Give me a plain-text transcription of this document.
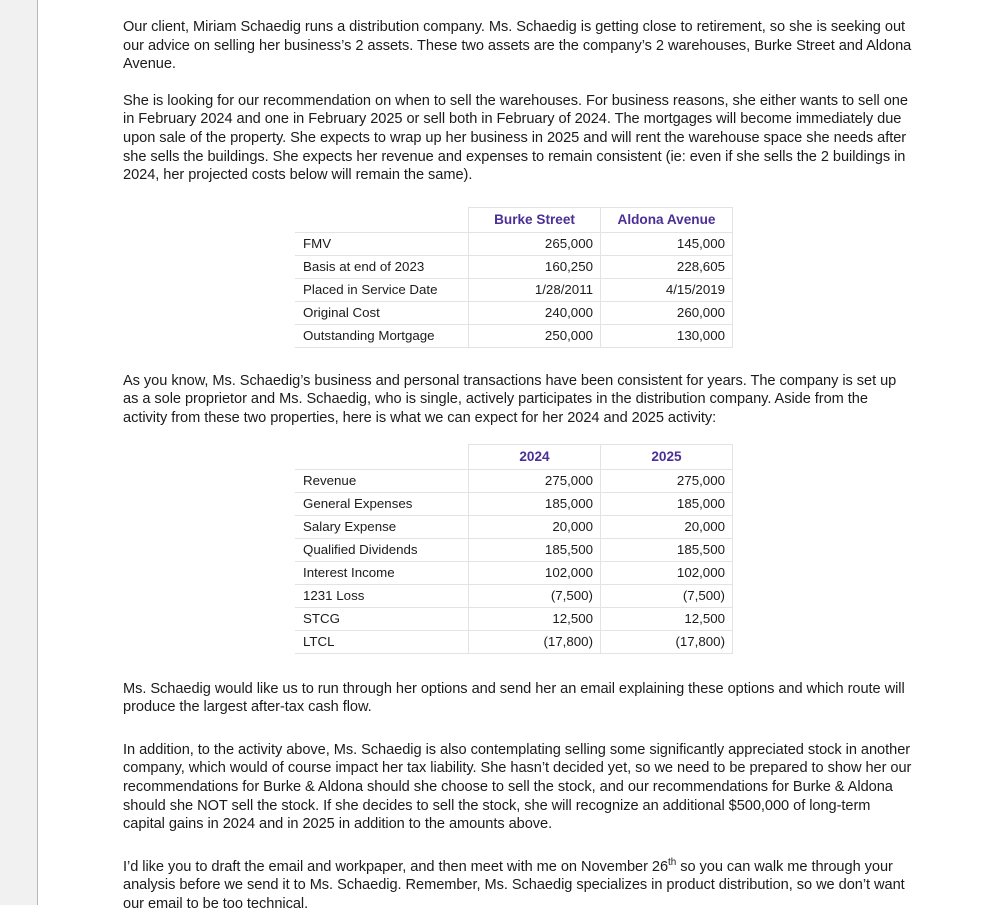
Our client, Miriam Schaedig runs a distribution company. Ms. Schaedig is getting close to retirement, so she is seeking out our advice on selling her business’s 2 assets. These two assets are the company’s 2 warehouses, Burke Street and Aldona Avenue.

She is looking for our recommendation on when to sell the warehouses. For business reasons, she either wants to sell one in February 2024 and one in February 2025 or sell both in February of 2024. The mortgages will become immediately due upon sale of the property. She expects to wrap up her business in 2025 and will rent the warehouse space she needs after she sells the buildings. She expects her revenue and expenses to remain consistent (ie: even if she sells the 2 buildings in 2024, her projected costs below will remain the same).

	Burke Street	Aldona Avenue
FMV	265,000	145,000
Basis at end of 2023	160,250	228,605
Placed in Service Date	1/28/2011	4/15/2019
Original Cost	240,000	260,000
Outstanding Mortgage	250,000	130,000

As you know, Ms. Schaedig’s business and personal transactions have been consistent for years. The company is set up as a sole proprietor and Ms. Schaedig, who is single, actively participates in the distribution company. Aside from the activity from these two properties, here is what we can expect for her 2024 and 2025 activity:

	2024	2025
Revenue	275,000	275,000
General Expenses	185,000	185,000
Salary Expense	20,000	20,000
Qualified Dividends	185,500	185,500
Interest Income	102,000	102,000
1231 Loss	(7,500)	(7,500)
STCG	12,500	12,500
LTCL	(17,800)	(17,800)

Ms. Schaedig would like us to run through her options and send her an email explaining these options and which route will produce the largest after-tax cash flow.

In addition, to the activity above, Ms. Schaedig is also contemplating selling some significantly appreciated stock in another company, which would of course impact her tax liability. She hasn’t decided yet, so we need to be prepared to show her our recommendations for Burke & Aldona should she choose to sell the stock, and our recommendations for Burke & Aldona should she NOT sell the stock. If she decides to sell the stock, she will recognize an additional $500,000 of long-term capital gains in 2024 and in 2025 in addition to the amounts above.

I’d like you to draft the email and workpaper, and then meet with me on November 26th so you can walk me through your analysis before we send it to Ms. Schaedig. Remember, Ms. Schaedig specializes in product distribution, so we don’t want our email to be too technical.
